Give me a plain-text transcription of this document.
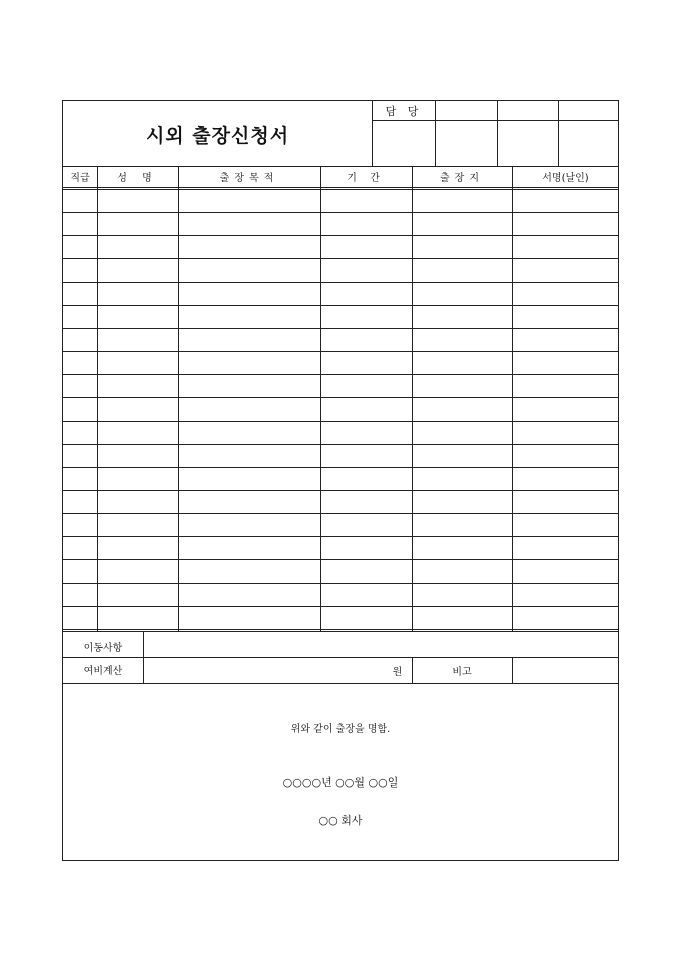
시외 출장신청서
담 당
직급	성 명	출장목적	기 간	출장지	서명(날인)
이동사항
여비계산	원	비고
위와 같이 출장을 명함.
○○○○년 ○○월 ○○일
○○ 회사
